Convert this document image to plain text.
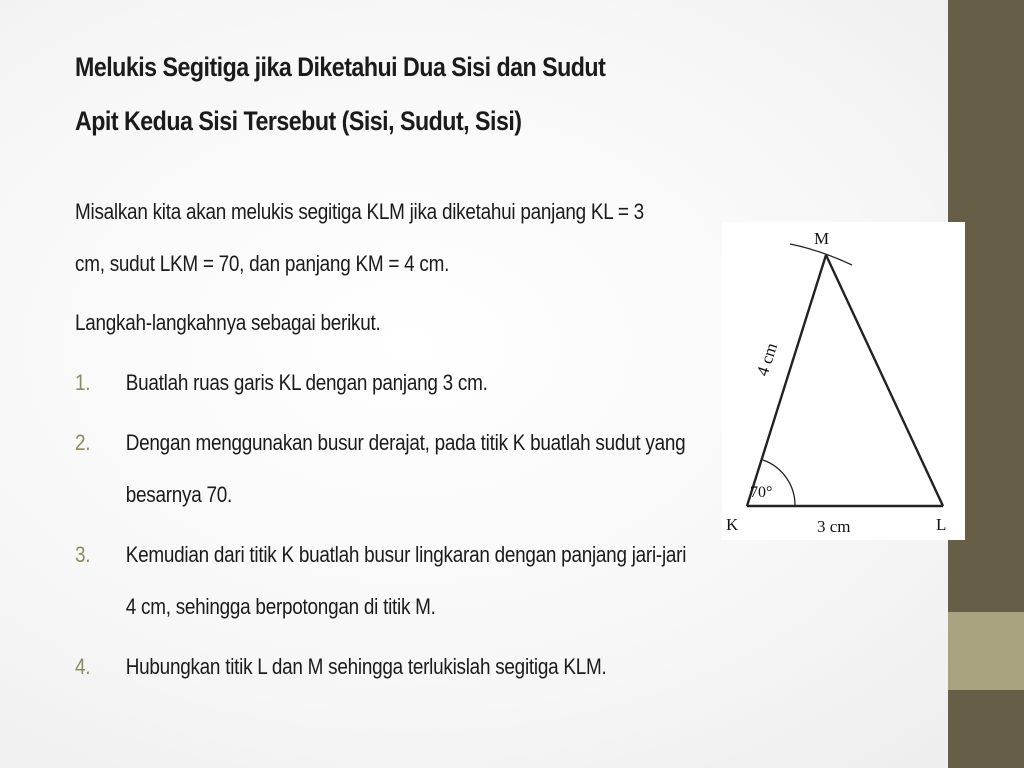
Melukis Segitiga jika Diketahui Dua Sisi dan Sudut Apit Kedua Sisi Tersebut (Sisi, Sudut, Sisi)

Misalkan kita akan melukis segitiga KLM jika diketahui panjang KL = 3 cm, sudut LKM = 70, dan panjang KM = 4 cm.

Langkah-langkahnya sebagai berikut.

1. Buatlah ruas garis KL dengan panjang 3 cm.
2. Dengan menggunakan busur derajat, pada titik K buatlah sudut yang besarnya 70.
3. Kemudian dari titik K buatlah busur lingkaran dengan panjang jari-jari 4 cm, sehingga berpotongan di titik M.
4. Hubungkan titik L dan M sehingga terlukislah segitiga KLM.
M
K	L
3 cm
70°
4 cm
